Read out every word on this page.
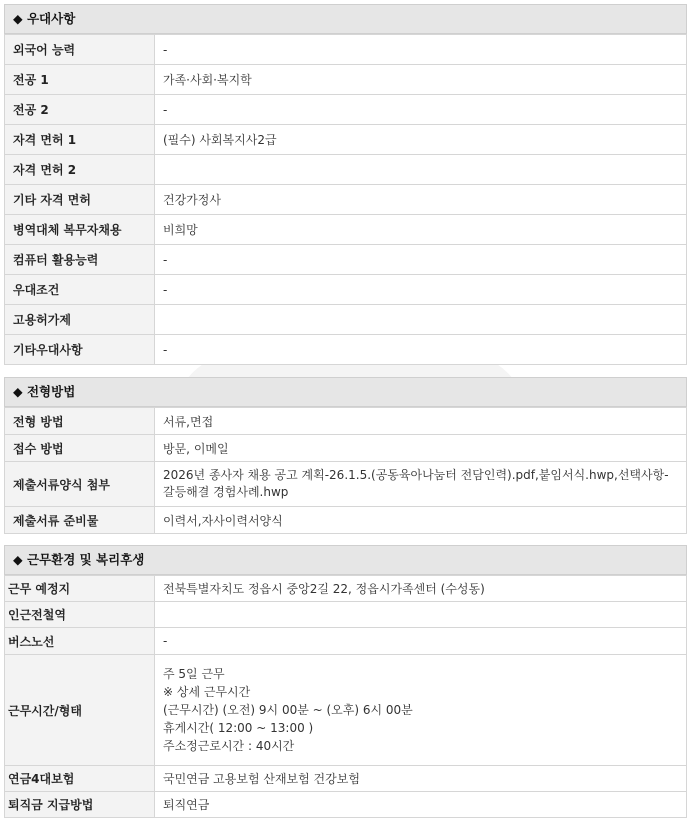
◆ 우대사항
외국어 능력	-
전공 1	가족·사회·복지학
전공 2	-
자격 면허 1	(필수) 사회복지사2급
자격 면허 2	
기타 자격 면허	건강가정사
병역대체 복무자채용	비희망
컴퓨터 활용능력	-
우대조건	-
고용허가제	
기타우대사항	-
◆ 전형방법
전형 방법	서류,면접
접수 방법	방문, 이메일
제출서류양식 첨부	2026년 종사자 채용 공고 계획-26.1.5.(공동육아나눔터 전담인력).pdf,붙임서식.hwp,선택사항-갈등해결 경험사례.hwp
제출서류 준비물	이력서,자사이력서양식
◆ 근무환경 및 복리후생
근무 예정지	전북특별자치도 정읍시 중앙2길 22, 정읍시가족센터 (수성동)
인근전철역	
버스노선	-
근무시간/형태	주 5일 근무
※ 상세 근무시간
(근무시간) (오전) 9시 00분 ~ (오후) 6시 00분
휴게시간( 12:00 ~ 13:00 )
주소정근로시간 : 40시간

연금4대보험	국민연금 고용보험 산재보험 건강보험
퇴직금 지급방법	퇴직연금
